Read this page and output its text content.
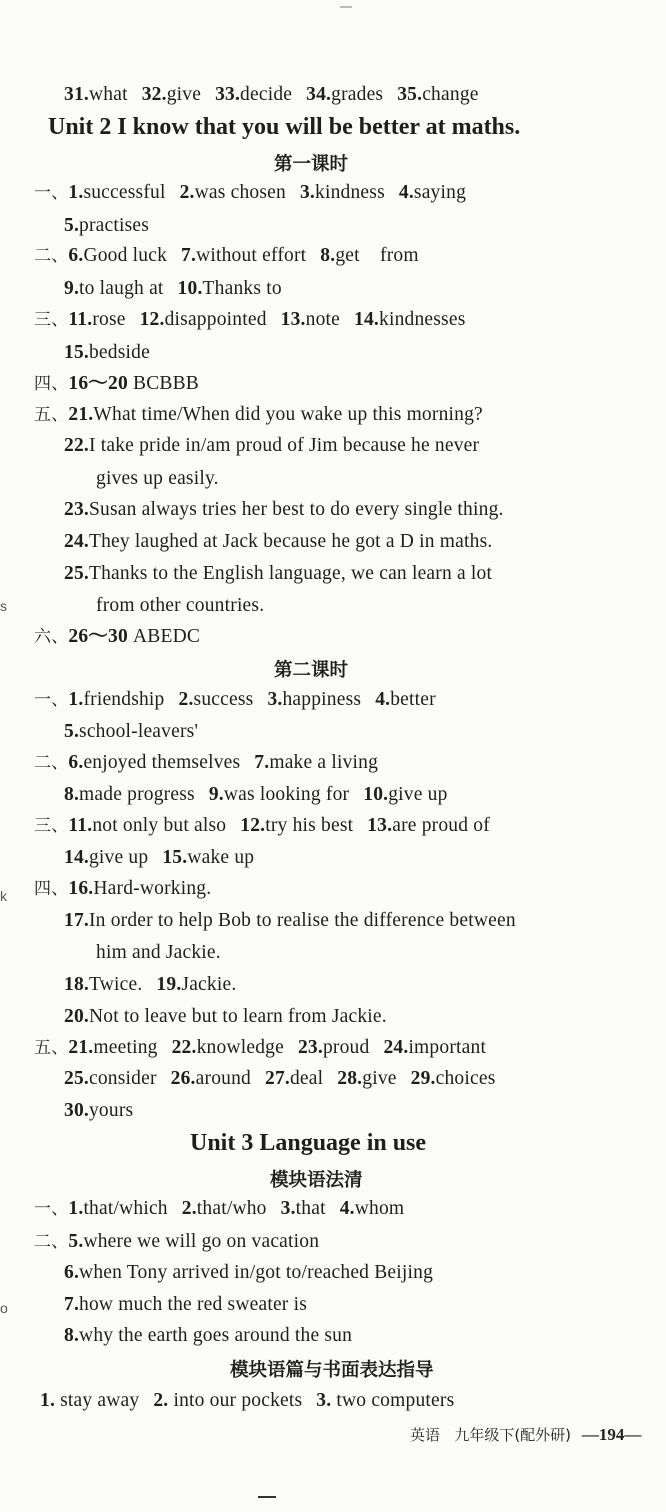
Unit 2 I know that you will be better at maths.
第一课时
第二课时
Unit 3 Language in use
模块语法清
模块语篇与书面表达指导
31.what 32.give 33.decide 34.grades 35.change
一、1.successful 2.was chosen 3.kindness 4.saying
5.practises
二、6.Good luck 7.without effort 8.get    from
9.to laugh at 10.Thanks to
三、11.rose 12.disappointed 13.note 14.kindnesses
15.bedside
四、16～20 BCBBB
五、21.What time/When did you wake up this morning?
22.I take pride in/am proud of Jim because he never
gives up easily.
23.Susan always tries her best to do every single thing.
24.They laughed at Jack because he got a D in maths.
25.Thanks to the English language, we can learn a lot
from other countries.
六、26～30 ABEDC
一、1.friendship 2.success 3.happiness 4.better
5.school-leavers'
二、6.enjoyed themselves 7.make a living
8.made progress 9.was looking for 10.give up
三、11.not only but also 12.try his best 13.are proud of
14.give up 15.wake up
四、16.Hard-working.
17.In order to help Bob to realise the difference between
him and Jackie.
18.Twice. 19.Jackie.
20.Not to leave but to learn from Jackie.
五、21.meeting 22.knowledge 23.proud 24.important
25.consider 26.around 27.deal 28.give 29.choices
30.yours
一、1.that/which 2.that/who 3.that 4.whom
二、5.where we will go on vacation
6.when Tony arrived in/got to/reached Beijing
7.how much the red sweater is
8.why the earth goes around the sun
1. stay away 2. into our pockets 3. two computers
s
k
o
英语 九年级下(配外研) —194—
